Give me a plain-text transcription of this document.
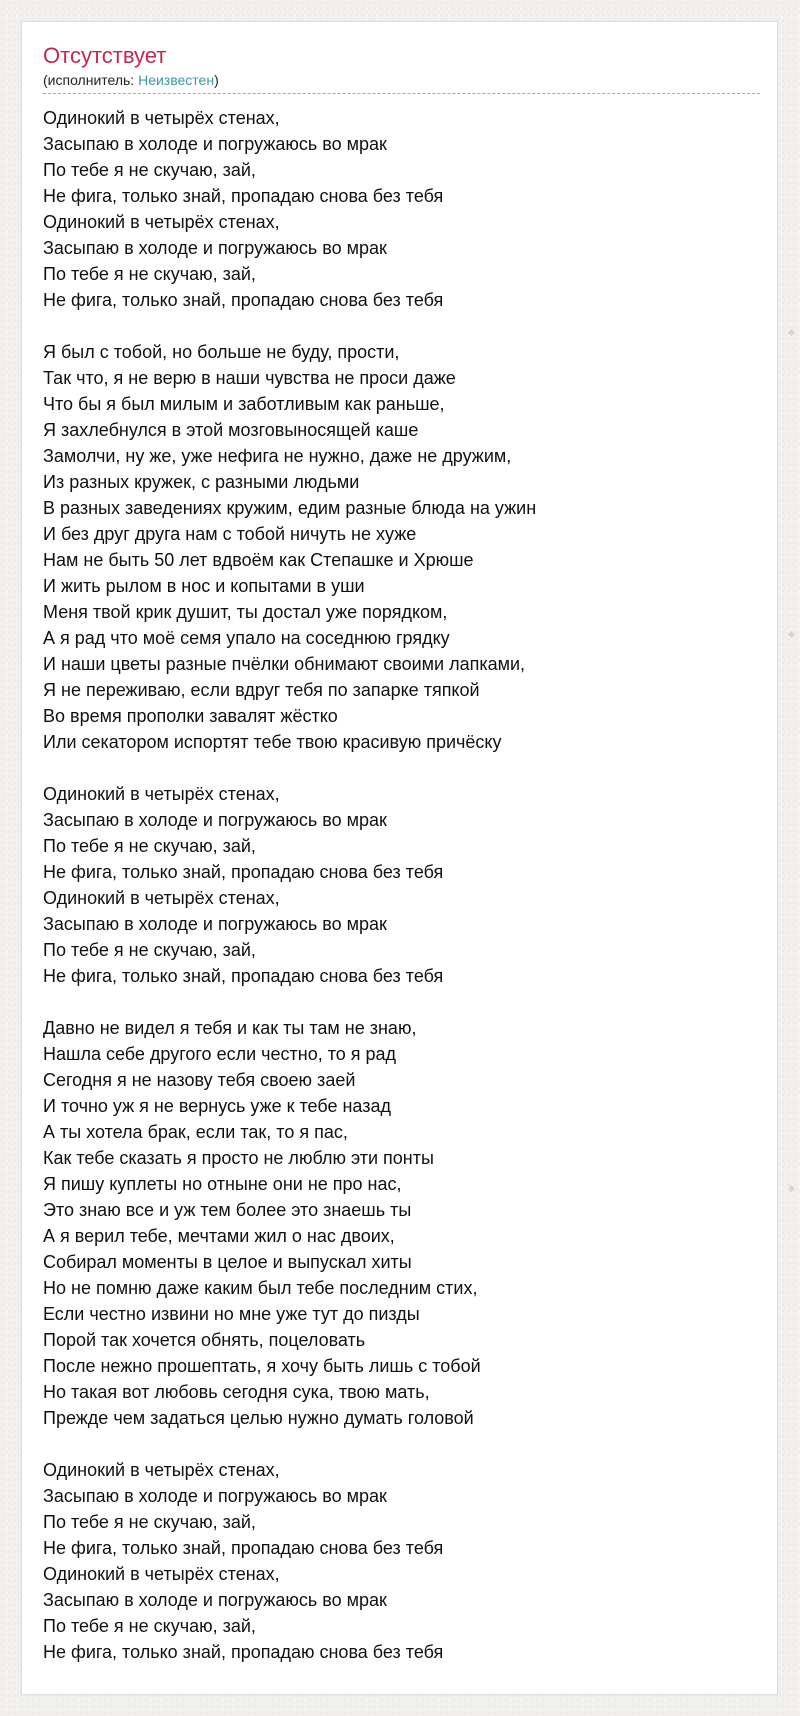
Отсутствует
(исполнитель: Неизвестен)
Одинокий в четырёх стенах,
Засыпаю в холоде и погружаюсь во мрак
По тебе я не скучаю, зай,
Не фига, только знай, пропадаю снова без тебя
Одинокий в четырёх стенах,
Засыпаю в холоде и погружаюсь во мрак
По тебе я не скучаю, зай,
Не фига, только знай, пропадаю снова без тебя
Я был с тобой, но больше не буду, прости,
Так что, я не верю в наши чувства не проси даже
Что бы я был милым и заботливым как раньше,
Я захлебнулся в этой мозговыносящей каше
Замолчи, ну же, уже нефига не нужно, даже не дружим,
Из разных кружек, с разными людьми
В разных заведениях кружим, едим разные блюда на ужин
И без друг друга нам с тобой ничуть не хуже
Нам не быть 50 лет вдвоём как Степашке и Хрюше
И жить рылом в нос и копытами в уши
Меня твой крик душит, ты достал уже порядком,
А я рад что моё семя упало на соседнюю грядку
И наши цветы разные пчёлки обнимают своими лапками,
Я не переживаю, если вдруг тебя по запарке тяпкой
Во время прополки завалят жёстко
Или секатором испортят тебе твою красивую причёску
Одинокий в четырёх стенах,
Засыпаю в холоде и погружаюсь во мрак
По тебе я не скучаю, зай,
Не фига, только знай, пропадаю снова без тебя
Одинокий в четырёх стенах,
Засыпаю в холоде и погружаюсь во мрак
По тебе я не скучаю, зай,
Не фига, только знай, пропадаю снова без тебя
Давно не видел я тебя и как ты там не знаю,
Нашла себе другого если честно, то я рад
Сегодня я не назову тебя своею заей
И точно уж я не вернусь уже к тебе назад
А ты хотела брак, если так, то я пас,
Как тебе сказать я просто не люблю эти понты
Я пишу куплеты но отныне они не про нас,
Это знаю все и уж тем более это знаешь ты
А я верил тебе, мечтами жил о нас двоих,
Собирал моменты в целое и выпускал хиты
Но не помню даже каким был тебе последним стих,
Если честно извини но мне уже тут до пизды
Порой так хочется обнять, поцеловать
После нежно прошептать, я хочу быть лишь с тобой
Но такая вот любовь сегодня сука, твою мать,
Прежде чем задаться целью нужно думать головой
Одинокий в четырёх стенах,
Засыпаю в холоде и погружаюсь во мрак
По тебе я не скучаю, зай,
Не фига, только знай, пропадаю снова без тебя
Одинокий в четырёх стенах,
Засыпаю в холоде и погружаюсь во мрак
По тебе я не скучаю, зай,
Не фига, только знай, пропадаю снова без тебя
